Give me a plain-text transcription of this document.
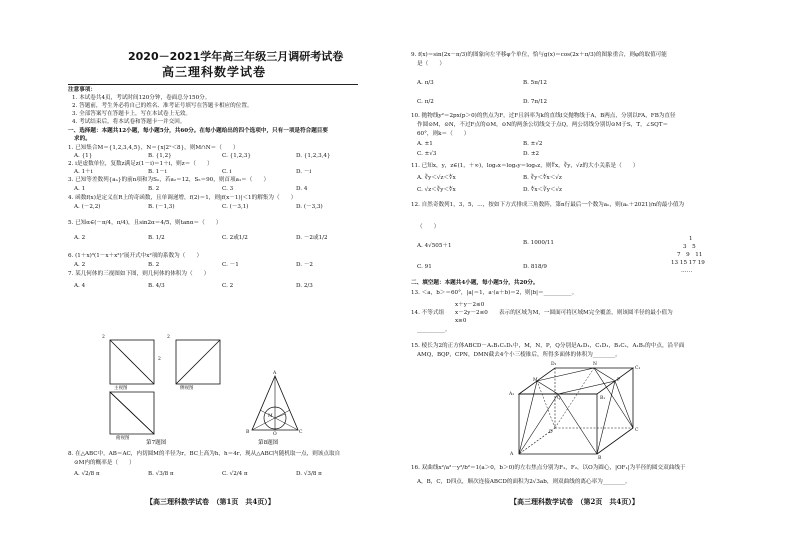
2020－2021学年高三年级三月调研考试卷
高三理科数学试卷
注意事项：
1. 本试卷共4页，考试时间120分钟，卷面总分150分。
2. 答题前，考生务必将自己的姓名、准考证号填写在答题卡相应的位置。
3. 全部答案写在答题卡上，写在本试卷上无效。
4. 考试结束后，将本试卷和答题卡一并交回。
一、选择题：本题共12小题，每小题5分，共60分。在每小题给出的四个选项中，只有一项是符合题目要
求的。
1. 已知集合M＝{1,2,3,4,5}，N＝{x|2ˣ＜8}，则M∩N＝（　　）
A. {1}	B. {1,2}	C. {1,2,3}	D. {1,2,3,4}
2. i是虚数单位，复数z满足z(1－i)＝1＋i，则z＝（　　）
A. 1＋i	B. 1－i	C. i	D. －i
3. 已知等差数列{aₙ}的前n项和为Sₙ，若a₂＝12，S₅＝90，则首项a₁＝（　　）
A. 1	B. 2	C. 3	D. 4
4. 函数f(x)是定义在R上的奇函数，且单调递增，f(2)＝1，则|f(x－1)|＜1的解集为（　　）
A. (－2,2)	B. (－1,3)	C. (－3,1)	D. (－3,3)
5. 已知α∈(－π/4，π/4)，且sin2α＝4/5，则tanα＝（　　）
A. 2	B. 1/2	C. 2或1/2	D. －2或1/2
6. (1＋x)³(1－x＋x²)⁷展开式中x²项的系数为（　　）
A. 2	B. 2	C. －1	D. －2
7. 某几何体的三视图如下图，则几何体的体积为（　　）
A. 4	B. 4/3	C. 2	D. 2/3
2	2
2
主视图	侧视图
俯视图
A
B	C
M
O
第7题图	第8题图
8. 在△ABC中，AB＝AC，内切圆M的半径为r，BC上高为h，h＝4r，现从△ABC内随机取一点，则该点取自
⊙M内的概率是（　　）
A. √2/8 π	B. √3/8 π	C. √2/4 π	D. √3/8 π
【高三理科数学试卷　（第1页　共4页）】
9. f(x)＝sin(2x－π/3)的图象向左平移φ个单位，恰与g(x)＝cos(2x＋π/3)的图象重合，则φ的取值可能
是（　　）
A. π/3	B. 5π/12
C. π/2	D. 7π/12
10. 抛物线y²＝2px(p＞0)的焦点为F，过F且斜率为k的直线l交抛物线于A，B两点，分别以FA，FB为直径
作圆⊙M，⊙N，不过F点的⊙M，⊙N的两条公切线交于点Q，两公切线分别切⊙M于S，T，∠SQT＝
60°，则k＝（　　）
A. ±1	B. ±√2
C. ±√3	D. ±2
11. 已知x，y，z∈(1，＋∞)，log₂x＝log₃y＝log₅z，则∜x，∛y，√z的大小关系是（　　）
A. ∛y＜√z＜∜x	B. ∛y＜∜x＜√z
C. √z＜∛y＜∜x	D. ∜x＜∛y＜√z
12. 自然奇数列1，3，5，…，按如下方式排成三角数阵，第n行最后一个数为aₙ，则(aₙ＋2021)/n的最小值为
（　　）
A. 4√505＋1	B. 1000/11
C. 91	D. 818/9
1
3　5
7　9　11
13 15 17 19
……
二、填空题：本题共4小题，每小题5分，共20分。
13. ＜a，b＞＝60°，|a|＝1，a·(a＋b)＝2，则|b|＝__________。
14. 不等式组
x＋y－2≤0
x－2y－2≤0
x≥0
表示的区域为M，一圆面可将区域M完全覆盖，则该圆半径的最小值为
__________。
15. 棱长为2的正方体ABCD－A₁B₁C₁D₁中，M，N，P，Q分别是A₁D₁，C₁D₁，B₁C₁，A₁B₁的中点，沿平面
AMQ，BQP，CPN，DMN截去4个小三棱锥后，所得多面体的体积为________。
D₁	N
C₁
M	P
A₁
Q	B₁
D	C
A
B
16. 双曲线x²/a²－y²/b²＝1(a＞0，b＞0)的左右焦点分别为F₁，F₂，以O为圆心，|OF₁|为半径的圆交双曲线于
A，B，C，D四点，顺次连接ABCD的面积为2√3ab，则双曲线的离心率为________。
【高三理科数学试卷　（第2页　共4页）】
